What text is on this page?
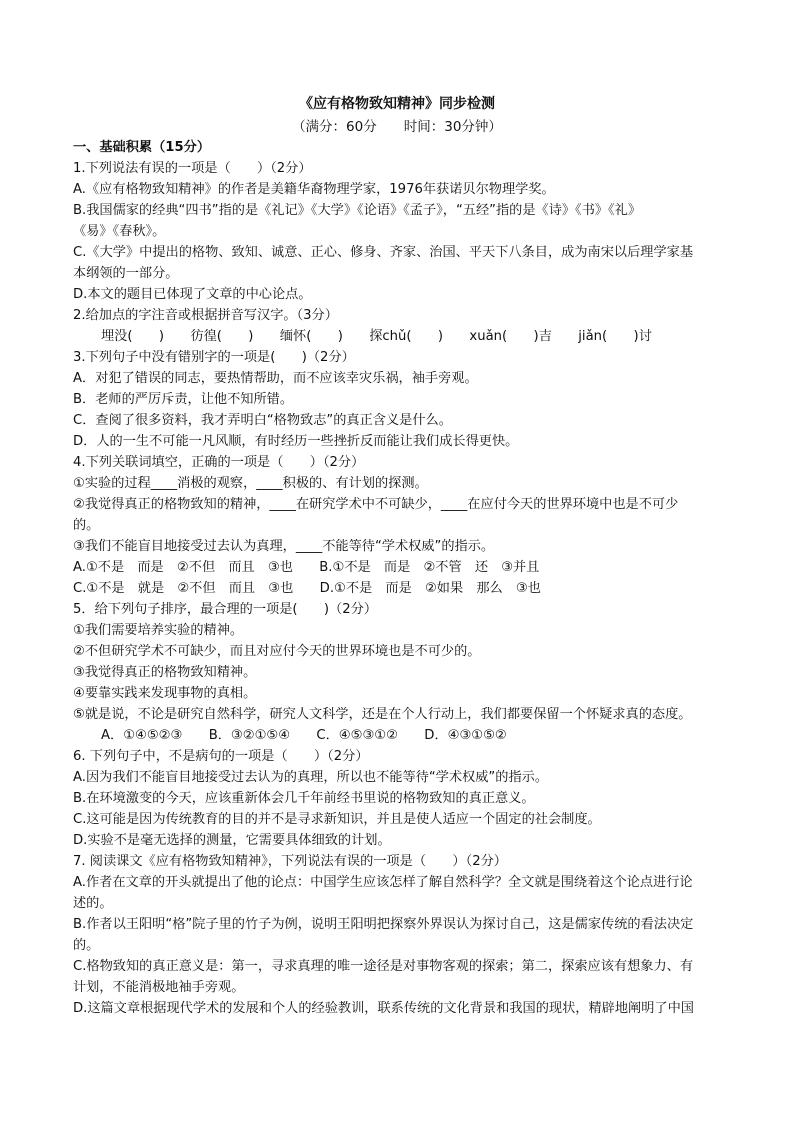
《应有格物致知精神》同步检测
（满分：60分　　时间：30分钟）
一、基础积累（15分）
1.下列说法有误的一项是（　　）（2分）
A.《应有格物致知精神》的作者是美籍华裔物理学家，1976年获诺贝尔物理学奖。
B.我国儒家的经典“四书”指的是《礼记》《大学》《论语》《孟子》，“五经”指的是《诗》《书》《礼》
《易》《春秋》。
C.《大学》中提出的格物、致知、诚意、正心、修身、齐家、治国、平天下八条目，成为南宋以后理学家基
本纲领的一部分。
D.本文的题目已体现了文章的中心论点。
2.给加点的字注音或根据拼音写汉字。（3分）
埋没(　　)　　彷徨(　　)　　缅怀(　　)　　探chǔ(　　)　　xuǎn(　　)吉　　jiǎn(　　)讨
3.下列句子中没有错别字的一项是(　　)（2分）
A．对犯了错误的同志，要热情帮助，而不应该幸灾乐祸，袖手旁观。
B．老师的严厉斥责，让他不知所错。
C．查阅了很多资料，我才弄明白“格物致志”的真正含义是什么。
D．人的一生不可能一凡风顺，有时经历一些挫折反而能让我们成长得更快。
4.下列关联词填空，正确的一项是（　　）（2分）
①实验的过程____消极的观察，____积极的、有计划的探测。
②我觉得真正的格物致知的精神，____在研究学术中不可缺少，____在应付今天的世界环境中也是不可少
的。
③我们不能盲目地接受过去认为真理，____不能等待“学术权威”的指示。
A.①不是　而是　②不但　而且　③也　　B.①不是　而是　②不管　还　③并且
C.①不是　就是　②不但　而且　③也　　D.①不是　而是　②如果　那么　③也
5．给下列句子排序，最合理的一项是(　　)（2分）
①我们需要培养实验的精神。
②不但研究学术不可缺少，而且对应付今天的世界环境也是不可少的。
③我觉得真正的格物致知精神。
④要靠实践来发现事物的真相。
⑤就是说，不论是研究自然科学，研究人文科学，还是在个人行动上，我们都要保留一个怀疑求真的态度。
A．①④⑤②③　　B．③②①⑤④　　C．④⑤③①②　　D．④③①⑤②
6. 下列句子中，不是病句的一项是（　　）（2分）
A.因为我们不能盲目地接受过去认为的真理，所以也不能等待“学术权威”的指示。
B.在环境激变的今天，应该重新体会几千年前经书里说的格物致知的真正意义。
C.这可能是因为传统教育的目的并不是寻求新知识，并且是使人适应一个固定的社会制度。
D.实验不是毫无选择的测量，它需要具体细致的计划。
7. 阅读课文《应有格物致知精神》，下列说法有误的一项是（　　）（2分）
A.作者在文章的开头就提出了他的论点：中国学生应该怎样了解自然科学？全文就是围绕着这个论点进行论
述的。
B.作者以王阳明“格”院子里的竹子为例，说明王阳明把探察外界误认为探讨自己，这是儒家传统的看法决定
的。
C.格物致知的真正意义是：第一，寻求真理的唯一途径是对事物客观的探索；第二，探索应该有想象力、有
计划，不能消极地袖手旁观。
D.这篇文章根据现代学术的发展和个人的经验教训，联系传统的文化背景和我国的现状，精辟地阐明了中国
